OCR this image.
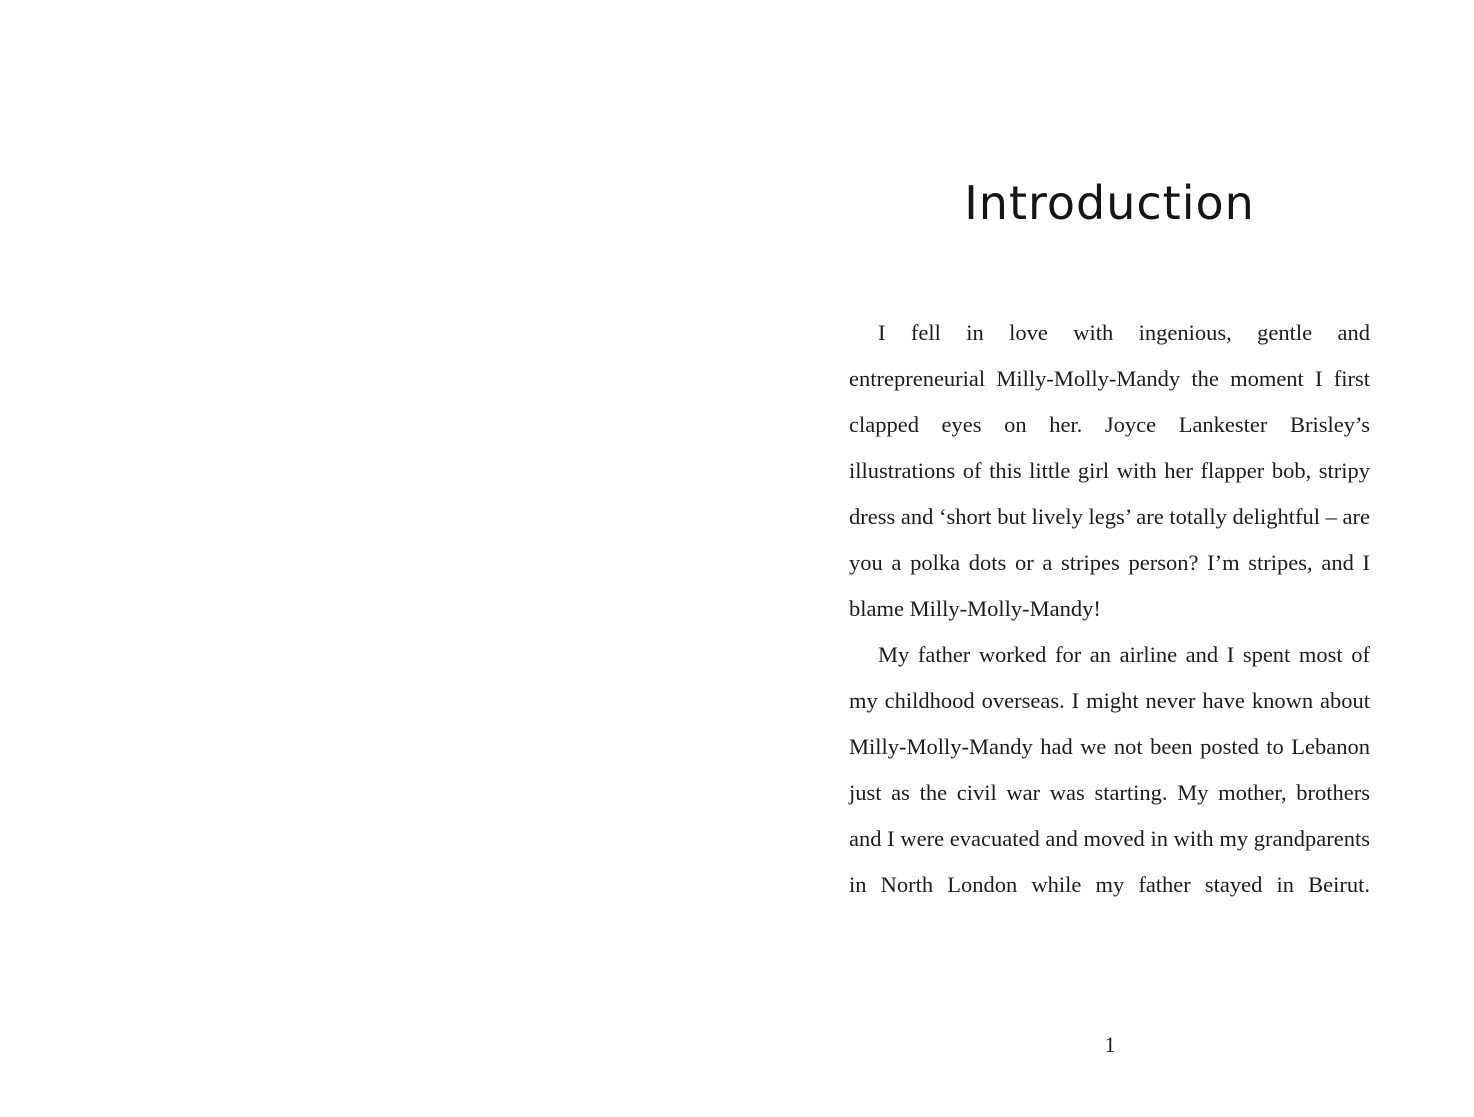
Introduction

I fell in love with ingenious, gentle and entrepreneurial Milly-Molly-Mandy the moment I first clapped eyes on her. Joyce Lankester Brisley’s illustrations of this little girl with her flapper bob, stripy dress and ‘short but lively legs’ are totally delightful – are you a polka dots or a stripes person? I’m stripes, and I blame Milly-Molly-Mandy!

My father worked for an airline and I spent most of my childhood overseas. I might never have known about Milly-Molly-Mandy had we not been posted to Lebanon just as the civil war was starting. My mother, brothers and I were evacuated and moved in with my grandparents in North London while my father stayed in Beirut.

1
